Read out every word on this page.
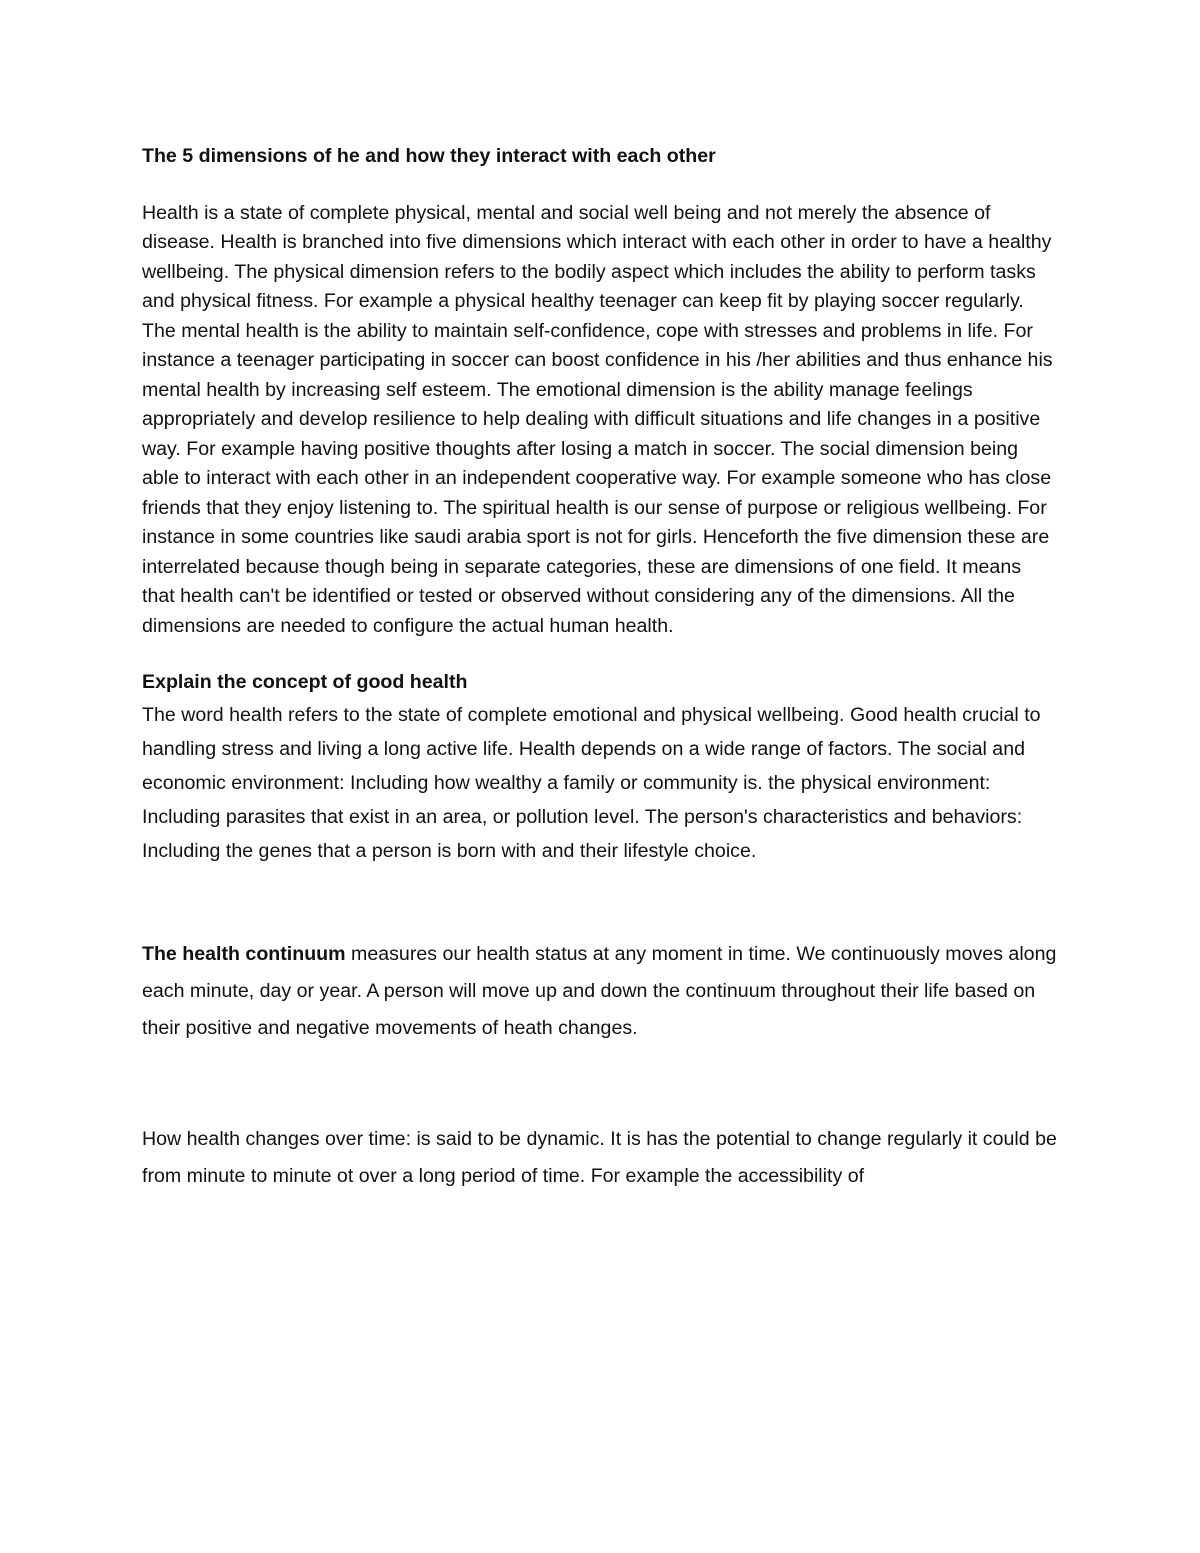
The 5 dimensions of he and how they interact with each other

Health is a state of complete physical, mental and social well being and not merely the absence of disease. Health is branched into five dimensions which interact with each other in order to have a healthy wellbeing. The physical dimension refers to the bodily aspect which includes the ability to perform tasks and physical fitness. For example a physical healthy teenager can keep fit by playing soccer regularly. The mental health is the ability to maintain self-confidence, cope with stresses and problems in life. For instance a teenager participating in soccer can boost confidence in his /her abilities and thus enhance his mental health by increasing self esteem. The emotional dimension is the ability manage feelings appropriately and develop resilience to help dealing with difficult situations and life changes in a positive way. For example having positive thoughts after losing a match in soccer. The social dimension being able to interact with each other in an independent cooperative way. For example someone who has close friends that they enjoy listening to. The spiritual health is our sense of purpose or religious wellbeing. For instance in some countries like saudi arabia sport is not for girls. Henceforth the five dimension these are interrelated because though being in separate categories, these are dimensions of one field. It means that health can't be identified or tested or observed without considering any of the dimensions. All the dimensions are needed to configure the actual human health.

Explain the concept of good health

The word health refers to the state of complete emotional and physical wellbeing. Good health crucial to handling stress and living a long active life. Health depends on a wide range of factors. The social and economic environment: Including how wealthy a family or community is. the physical environment: Including parasites that exist in an area, or pollution level. The person's characteristics and behaviors: Including the genes that a person is born with and their lifestyle choice.

The health continuum measures our health status at any moment in time. We continuously moves along each minute, day or year. A person will move up and down the continuum throughout their life based on their positive and negative movements of heath changes.

How health changes over time: is said to be dynamic. It is has the potential to change regularly it could be from minute to minute ot over a long period of time. For example the accessibility of
